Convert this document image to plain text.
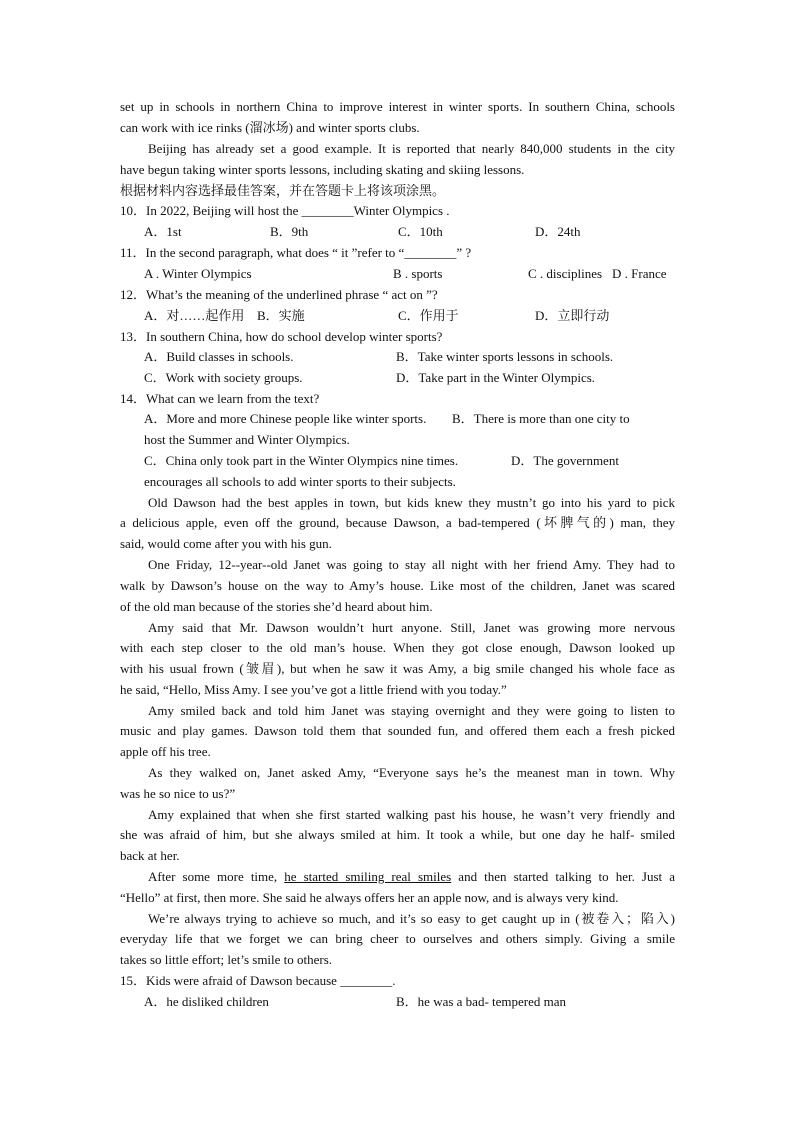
set up in schools in northern China to improve interest in winter sports. In southern China, schools
can work with ice rinks (溜冰场) and winter sports clubs.
Beijing has already set a good example. It is reported that nearly 840,000 students in the city
have begun taking winter sports lessons, including skating and skiing lessons.
根据材料内容选择最佳答案，并在答题卡上将该项涂黑。
10．In 2022, Beijing will host the ________Winter Olympics .
A．1st	B．9th	C．10th	D．24th
11．In the second paragraph, what does “ it ”refer to “________” ?
A . Winter Olympics	B . sports	C . disciplines D . France
12．What’s the meaning of the underlined phrase “ act on ”?
A．对……起作用 B．实施	C．作用于	D．立即行动
13．In southern China, how do school develop winter sports?
A．Build classes in schools.	B．Take winter sports lessons in schools.
C．Work with society groups.	D．Take part in the Winter Olympics.
14．What can we learn from the text?
A．More and more Chinese people like winter sports. B．There is more than one city to
host the Summer and Winter Olympics.
C．China only took part in the Winter Olympics nine times.	D．The government
encourages all schools to add winter sports to their subjects.
Old Dawson had the best apples in town, but kids knew they mustn’t go into his yard to pick
a delicious apple, even off the ground, because Dawson, a bad-tempered (坏脾气的) man, they
said, would come after you with his gun.
One Friday, 12--year--old Janet was going to stay all night with her friend Amy. They had to
walk by Dawson’s house on the way to Amy’s house. Like most of the children, Janet was scared
of the old man because of the stories she’d heard about him.
Amy said that Mr. Dawson wouldn’t hurt anyone. Still, Janet was growing more nervous
with each step closer to the old man’s house. When they got close enough, Dawson looked up
with his usual frown (皱眉), but when he saw it was Amy, a big smile changed his whole face as
he said, “Hello, Miss Amy. I see you’ve got a little friend with you today.”
Amy smiled back and told him Janet was staying overnight and they were going to listen to
music and play games. Dawson told them that sounded fun, and offered them each a fresh picked
apple off his tree.
As they walked on, Janet asked Amy, “Everyone says he’s the meanest man in town. Why
was he so nice to us?”
Amy explained that when she first started walking past his house, he wasn’t very friendly and
she was afraid of him, but she always smiled at him. It took a while, but one day he half- smiled
back at her.
After some more time, he started smiling real smiles and then started talking to her. Just a
“Hello” at first, then more. She said he always offers her an apple now, and is always very kind.
We’re always trying to achieve so much, and it’s so easy to get caught up in (被卷入；陷入)
everyday life that we forget we can bring cheer to ourselves and others simply. Giving a smile
takes so little effort; let’s smile to others.
15．Kids were afraid of Dawson because ________.
A．he disliked children	B．he was a bad- tempered man
